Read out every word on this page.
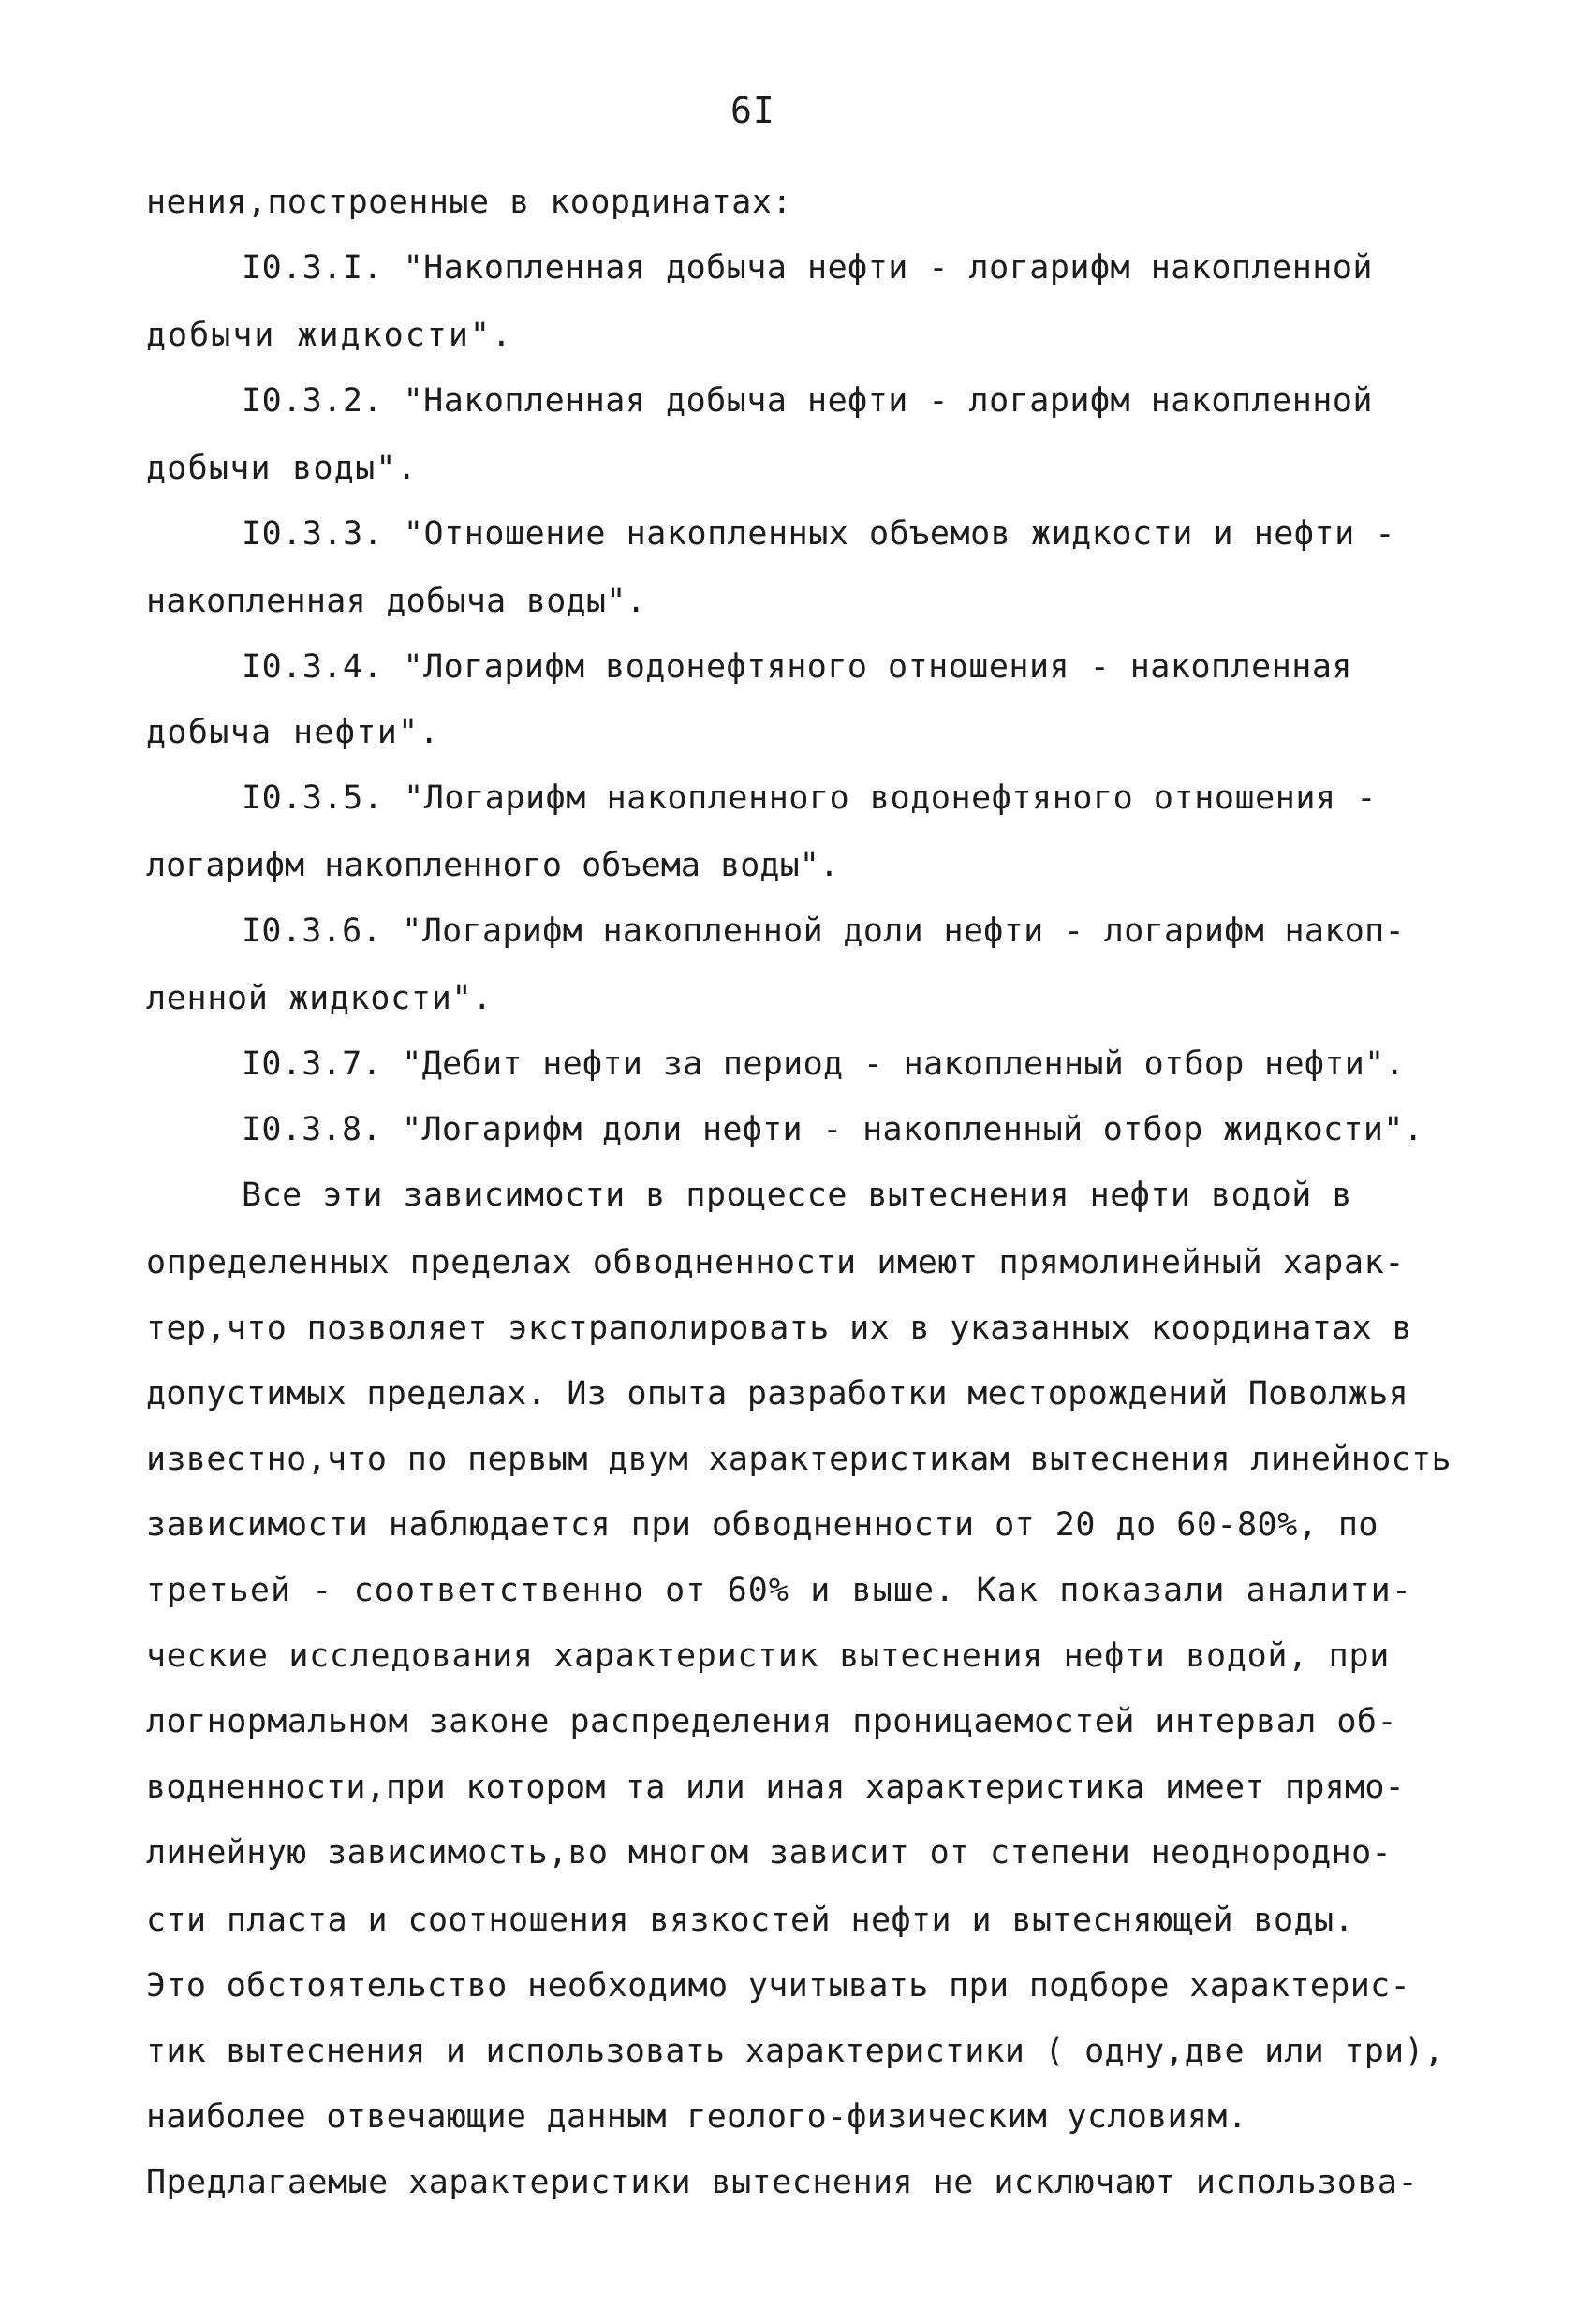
6I
нения,построенные в координатах:
I0.3.I. "Накопленная добыча нефти - логарифм накопленной
добычи жидкости".
I0.3.2. "Накопленная добыча нефти - логарифм накопленной
добычи воды".
I0.3.3. "Отношение накопленных объемов жидкости и нефти -
накопленная добыча воды".
I0.3.4. "Логарифм водонефтяного отношения - накопленная
добыча нефти".
I0.3.5. "Логарифм накопленного водонефтяного отношения -
логарифм накопленного объема воды".
I0.3.6. "Логарифм накопленной доли нефти - логарифм накоп-
ленной жидкости".
I0.3.7. "Дебит нефти за период - накопленный отбор нефти".
I0.3.8. "Логарифм доли нефти - накопленный отбор жидкости".
Все эти зависимости в процессе вытеснения нефти водой в
определенных пределах обводненности имеют прямолинейный харак-
тер,что позволяет экстраполировать их в указанных координатах в
допустимых пределах. Из опыта разработки месторождений Поволжья
известно,что по первым двум характеристикам вытеснения линейность
зависимости наблюдается при обводненности от 20 до 60-80%, по
третьей - соответственно от 60% и выше. Как показали аналити-
ческие исследования характеристик вытеснения нефти водой, при
логнормальном законе распределения проницаемостей интервал об-
водненности,при котором та или иная характеристика имеет прямо-
линейную зависимость,во многом зависит от степени неоднородно-
сти пласта и соотношения вязкостей нефти и вытесняющей воды.
Это обстоятельство необходимо учитывать при подборе характерис-
тик вытеснения и использовать характеристики ( одну,две или три),
наиболее отвечающие данным геолого-физическим условиям.
Предлагаемые характеристики вытеснения не исключают использова-
